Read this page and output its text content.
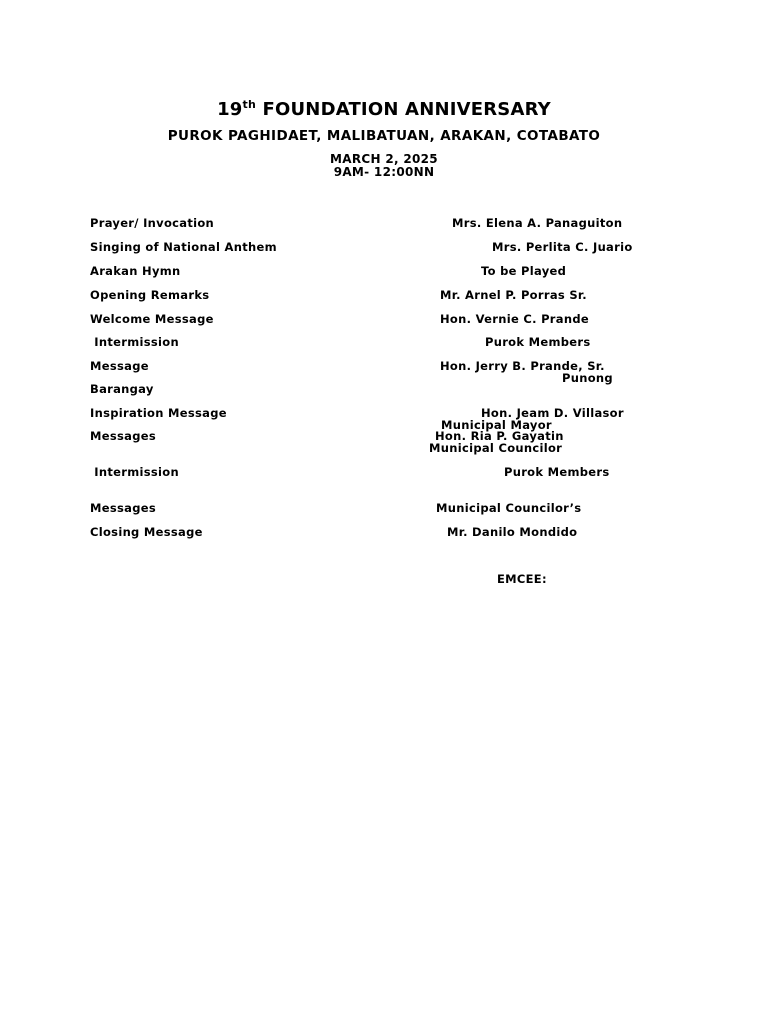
19th FOUNDATION ANNIVERSARY
PUROK PAGHIDAET, MALIBATUAN, ARAKAN, COTABATO
MARCH 2, 2025
9AM- 12:00NN
Prayer/ Invocation	Mrs. Elena A. Panaguiton
Singing of National Anthem	Mrs. Perlita C. Juario
Arakan Hymn	To be Played
Opening Remarks	Mr. Arnel P. Porras Sr.
Welcome Message	Hon. Vernie C. Prande
Intermission	Purok Members
Message	Hon. Jerry B. Prande, Sr.
Punong
Barangay
Inspiration Message	Hon. Jeam D. Villasor
Municipal Mayor
Messages	Hon. Ria P. Gayatin
Municipal Councilor
Intermission	Purok Members
Messages	Municipal Councilor’s
Closing Message	Mr. Danilo Mondido
EMCEE:
